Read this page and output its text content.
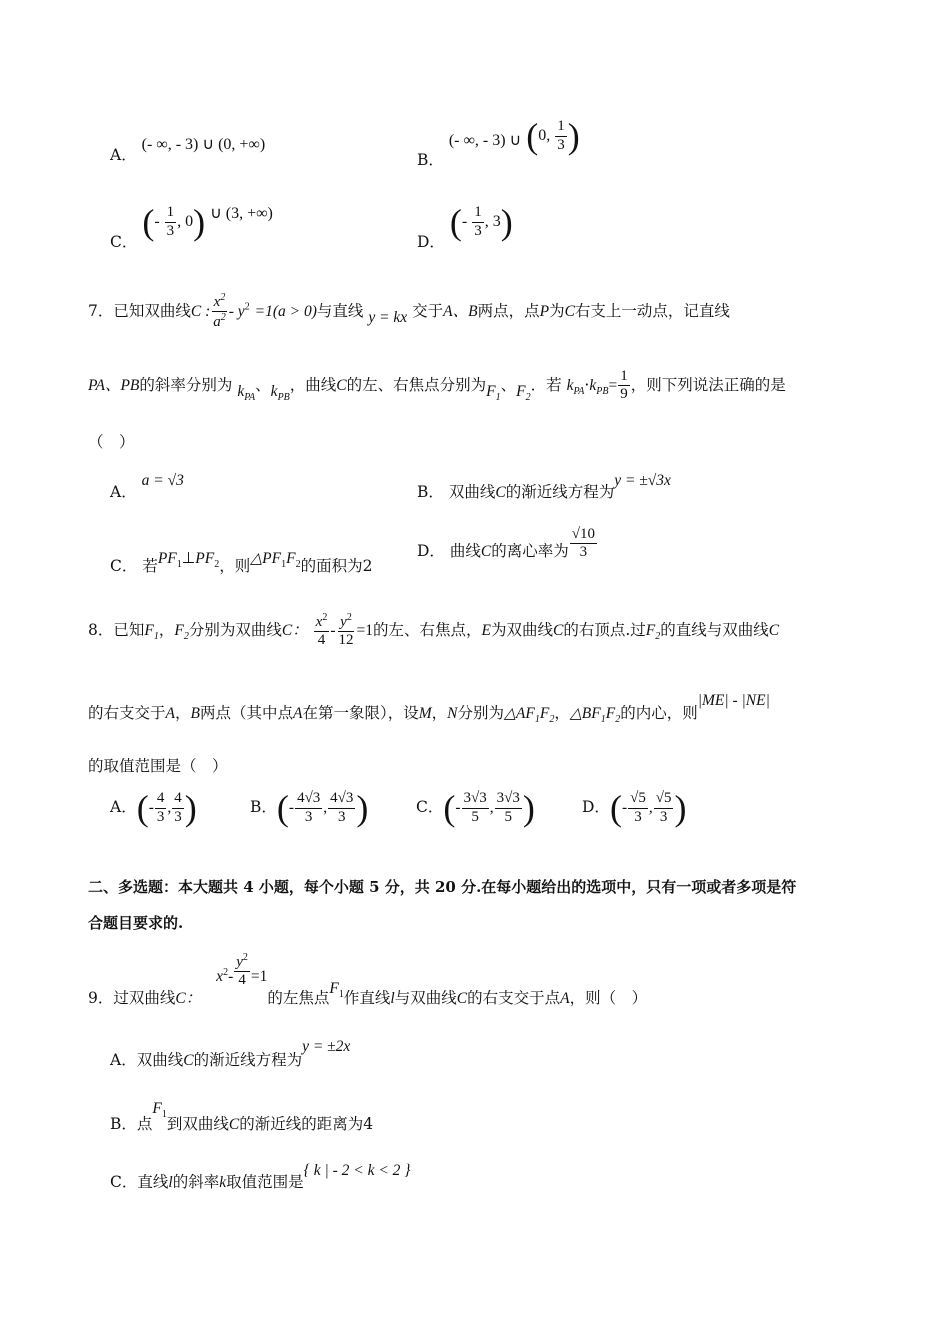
A． (- ∞, - 3) ∪ (0, +∞)
B． (- ∞, - 3) ∪ (0, $\frac{1}{3}$ )
C． (- $\frac{1}{3}$ , 0) ∪ (3, +∞)
D． (- $\frac{1}{3}$ , 3)
7．已知双曲线C : $\frac{x^2}{a^2} - y^2 =1(a > 0)$与直线 y = kx 交于A、B两点，点P为C右支上一动点，记直线
PA、PB的斜率分别为 $k_{PA}$、$k_{PB}$，曲线C的左、右焦点分别为$F_1$、$F_2$．若 $k_{PA}\cdot k_{PB}= \frac{1}{9}$ ，则下列说法正确的是
（　）
A． a = √3
B． 双曲线C的渐近线方程为y = ±√3x
C． 若$PF_1\perp PF_2$，则$\triangle PF_1F_2$的面积为2
D． 曲线C的离心率为 $\frac{√10}{3}$
8．已知$F_1$，$F_2$分别为双曲线C： $\frac{x^2}{4} - \frac{y^2}{12} =1$的左、右焦点，E为双曲线C的右顶点.过$F_2$的直线与双曲线C
的右支交于A，B两点（其中点A在第一象限），设M，N分别为$\triangle AF_1F_2$，$\triangle BF_1F_2$的内心，则|ME| - |NE|
的取值范围是（　）
A．(- $\frac{4}{3}$ , $\frac{4}{3}$ )	B．(- $\frac{4√3}{3}$ , $\frac{4√3}{3}$ )	C．(- $\frac{3√3}{5}$ , $\frac{3√3}{5}$ )	D．(- $\frac{√5}{3}$ , $\frac{√5}{3}$ )
二、多选题：本大题共 4 小题，每个小题 5 分，共 20 分.在每小题给出的选项中，只有一项或者多项是符
合题目要求的.
9．过双曲线C： $x^2- \frac{y^2}{4} =1$的左焦点$F_1$作直线l与双曲线C的右支交于点A，则（　）
A．双曲线C的渐近线方程为y = ±2x
B．点$F_1$到双曲线C的渐近线的距离为4
C．直线l的斜率k取值范围是{ k | - 2 < k < 2 }
